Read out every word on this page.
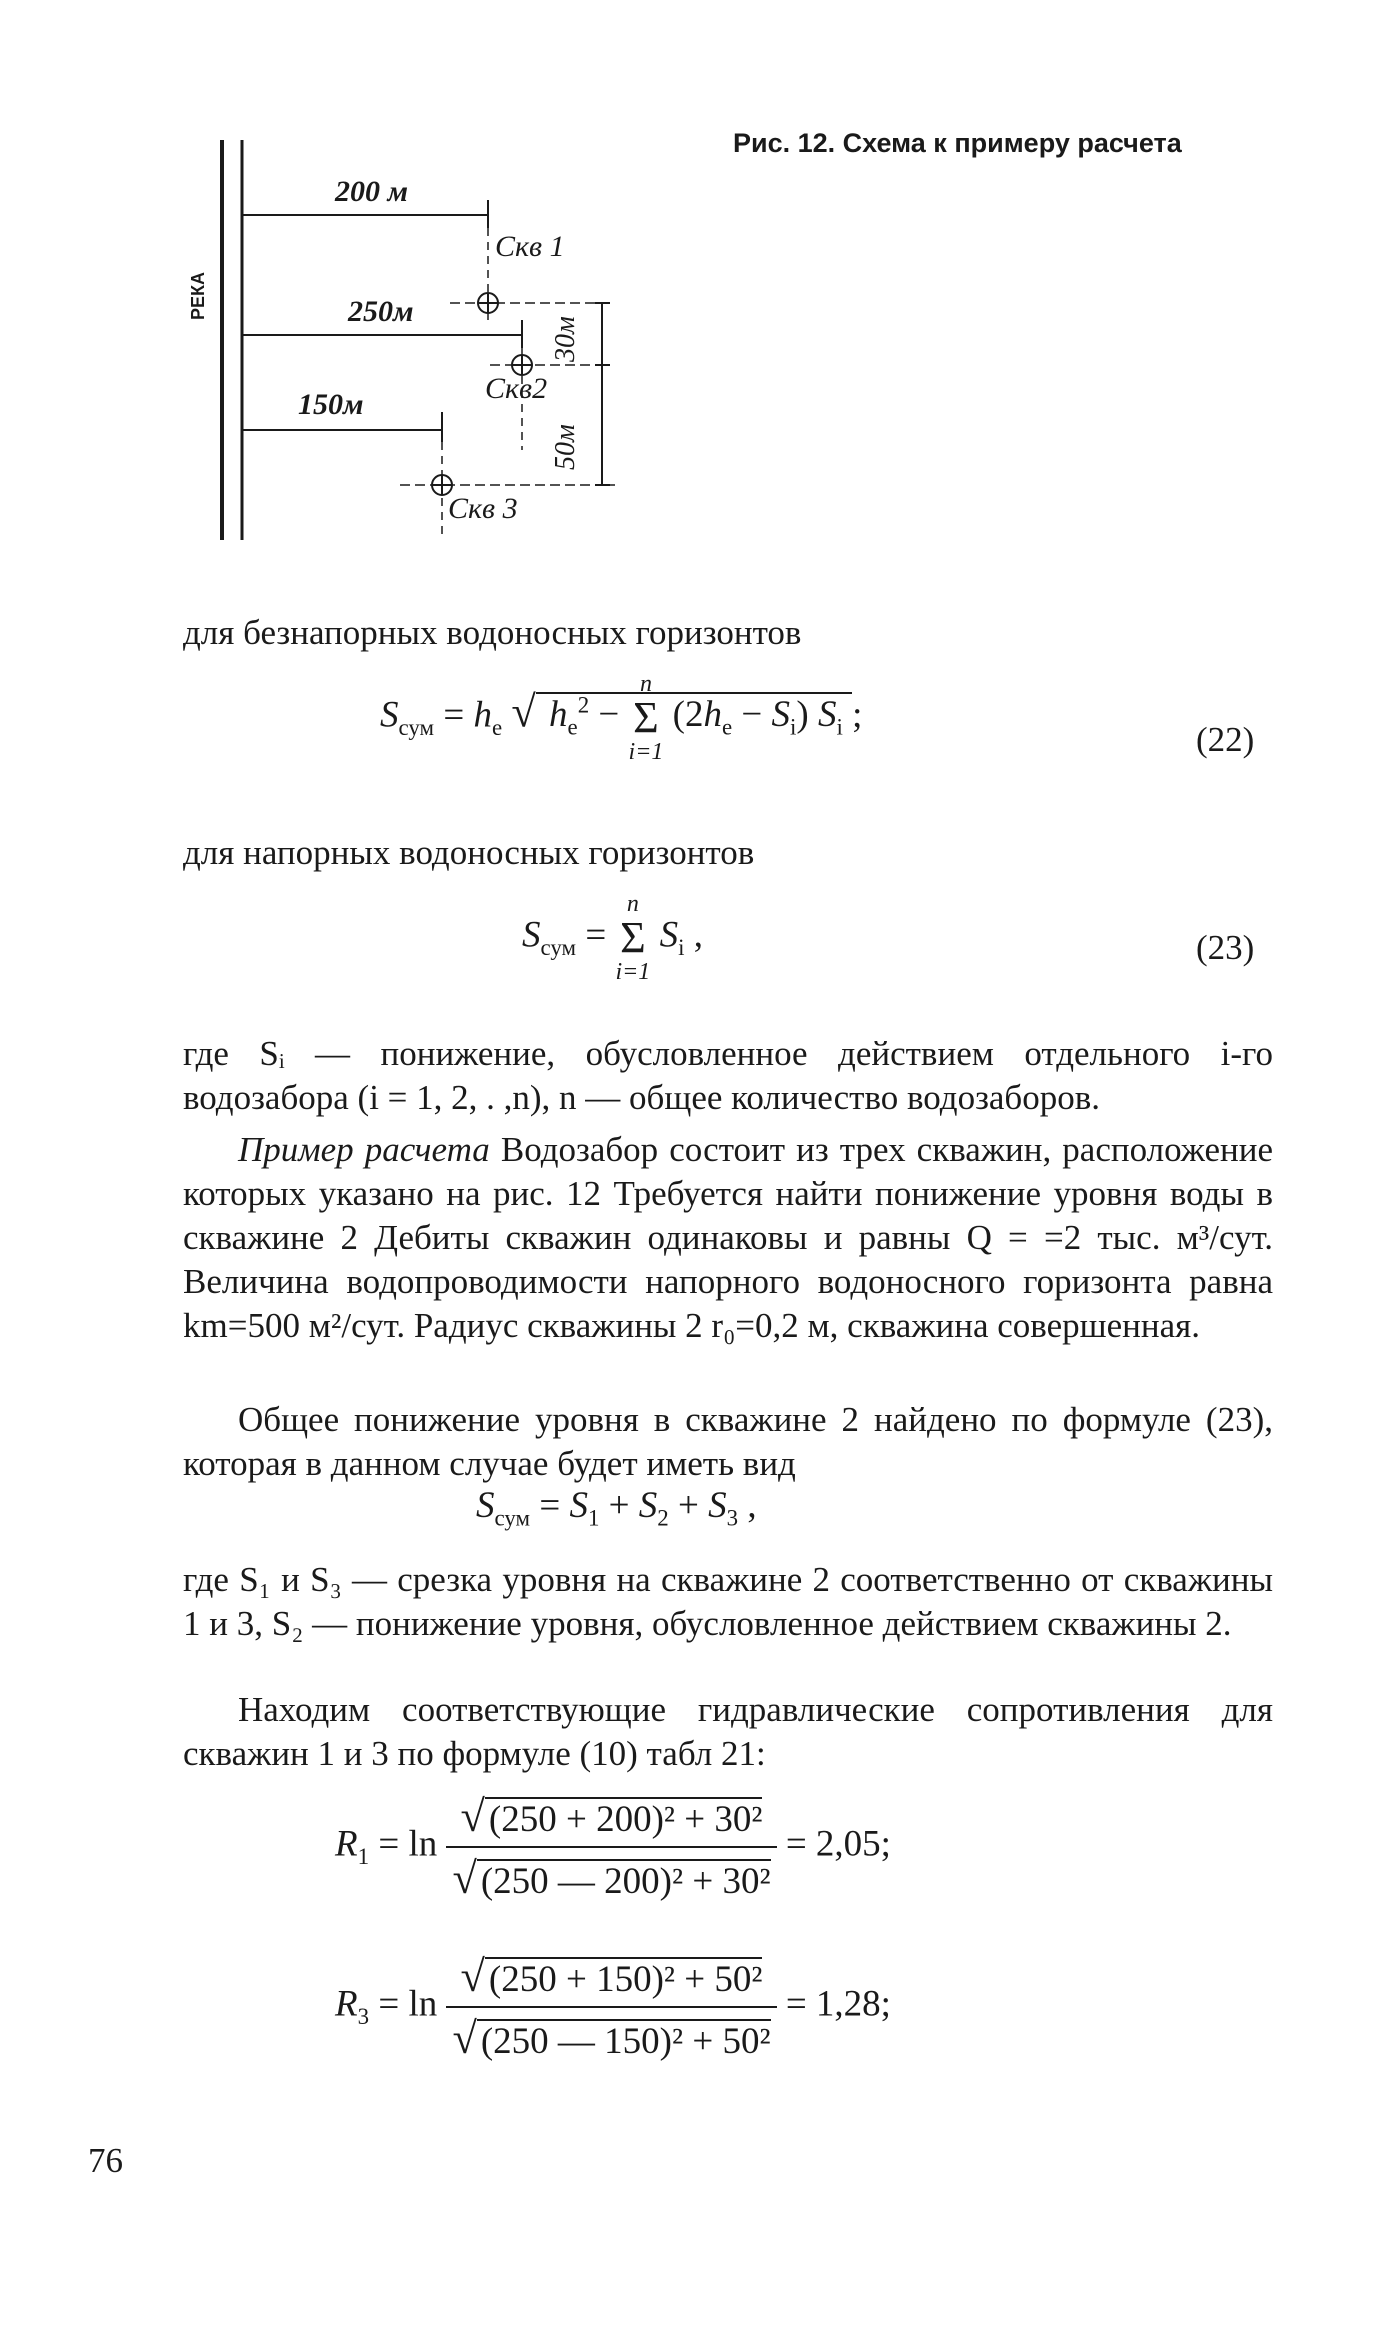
РЕКА
200 м
250м
150м
30м
50м
Скв 1
Скв2
Скв 3
Рис. 12. Схема к примеру расчета
для безнапорных водоносных горизонтов
$S_{сум} = h_е$ √ $h_е^2$ −
n
Σ
i=1
$(2h_е - S_i)$ $S_i$ ;
(22)
для напорных водоносных горизонтов
$S_{сум}$ =
n
Σ
i=1
$S_i$ ,	(23)
где Sᵢ — понижение, обусловленное действием отдельного i-го водозабора (i = 1, 2, . ,n), n — общее количество водозаборов.
Пример расчета Водозабор состоит из трех скважин, расположение которых указано на рис. 12 Требуется найти понижение уровня воды в скважине 2 Дебиты скважин одинаковы и равны Q = =2 тыс. м³/сут. Величина водопроводимости напорного водоносного горизонта равна km=500 м²/сут. Радиус скважины 2 r₀=0,2 м, скважина совершенная.
Общее понижение уровня в скважине 2 найдено по формуле (23), которая в данном случае будет иметь вид
$S_{сум} = S_1 + S_2 + S_3$ ,
где S₁ и S₃ — срезка уровня на скважине 2 соответственно от скважины 1 и 3, S₂ — понижение уровня, обусловленное действием скважины 2.
Находим соответствующие гидравлические сопротивления для скважин 1 и 3 по формуле (10) табл 21:
$R_1 = \ln \frac{\text{√ (250 + 200)² + 30²}}{\text{√ (250 — 200)² + 30²}} = 2,05$;
$R_3 = \ln \frac{\text{√ (250 + 150)² + 50²}}{\text{√ (250 — 150)² + 50²}} = 1,28$;
76
